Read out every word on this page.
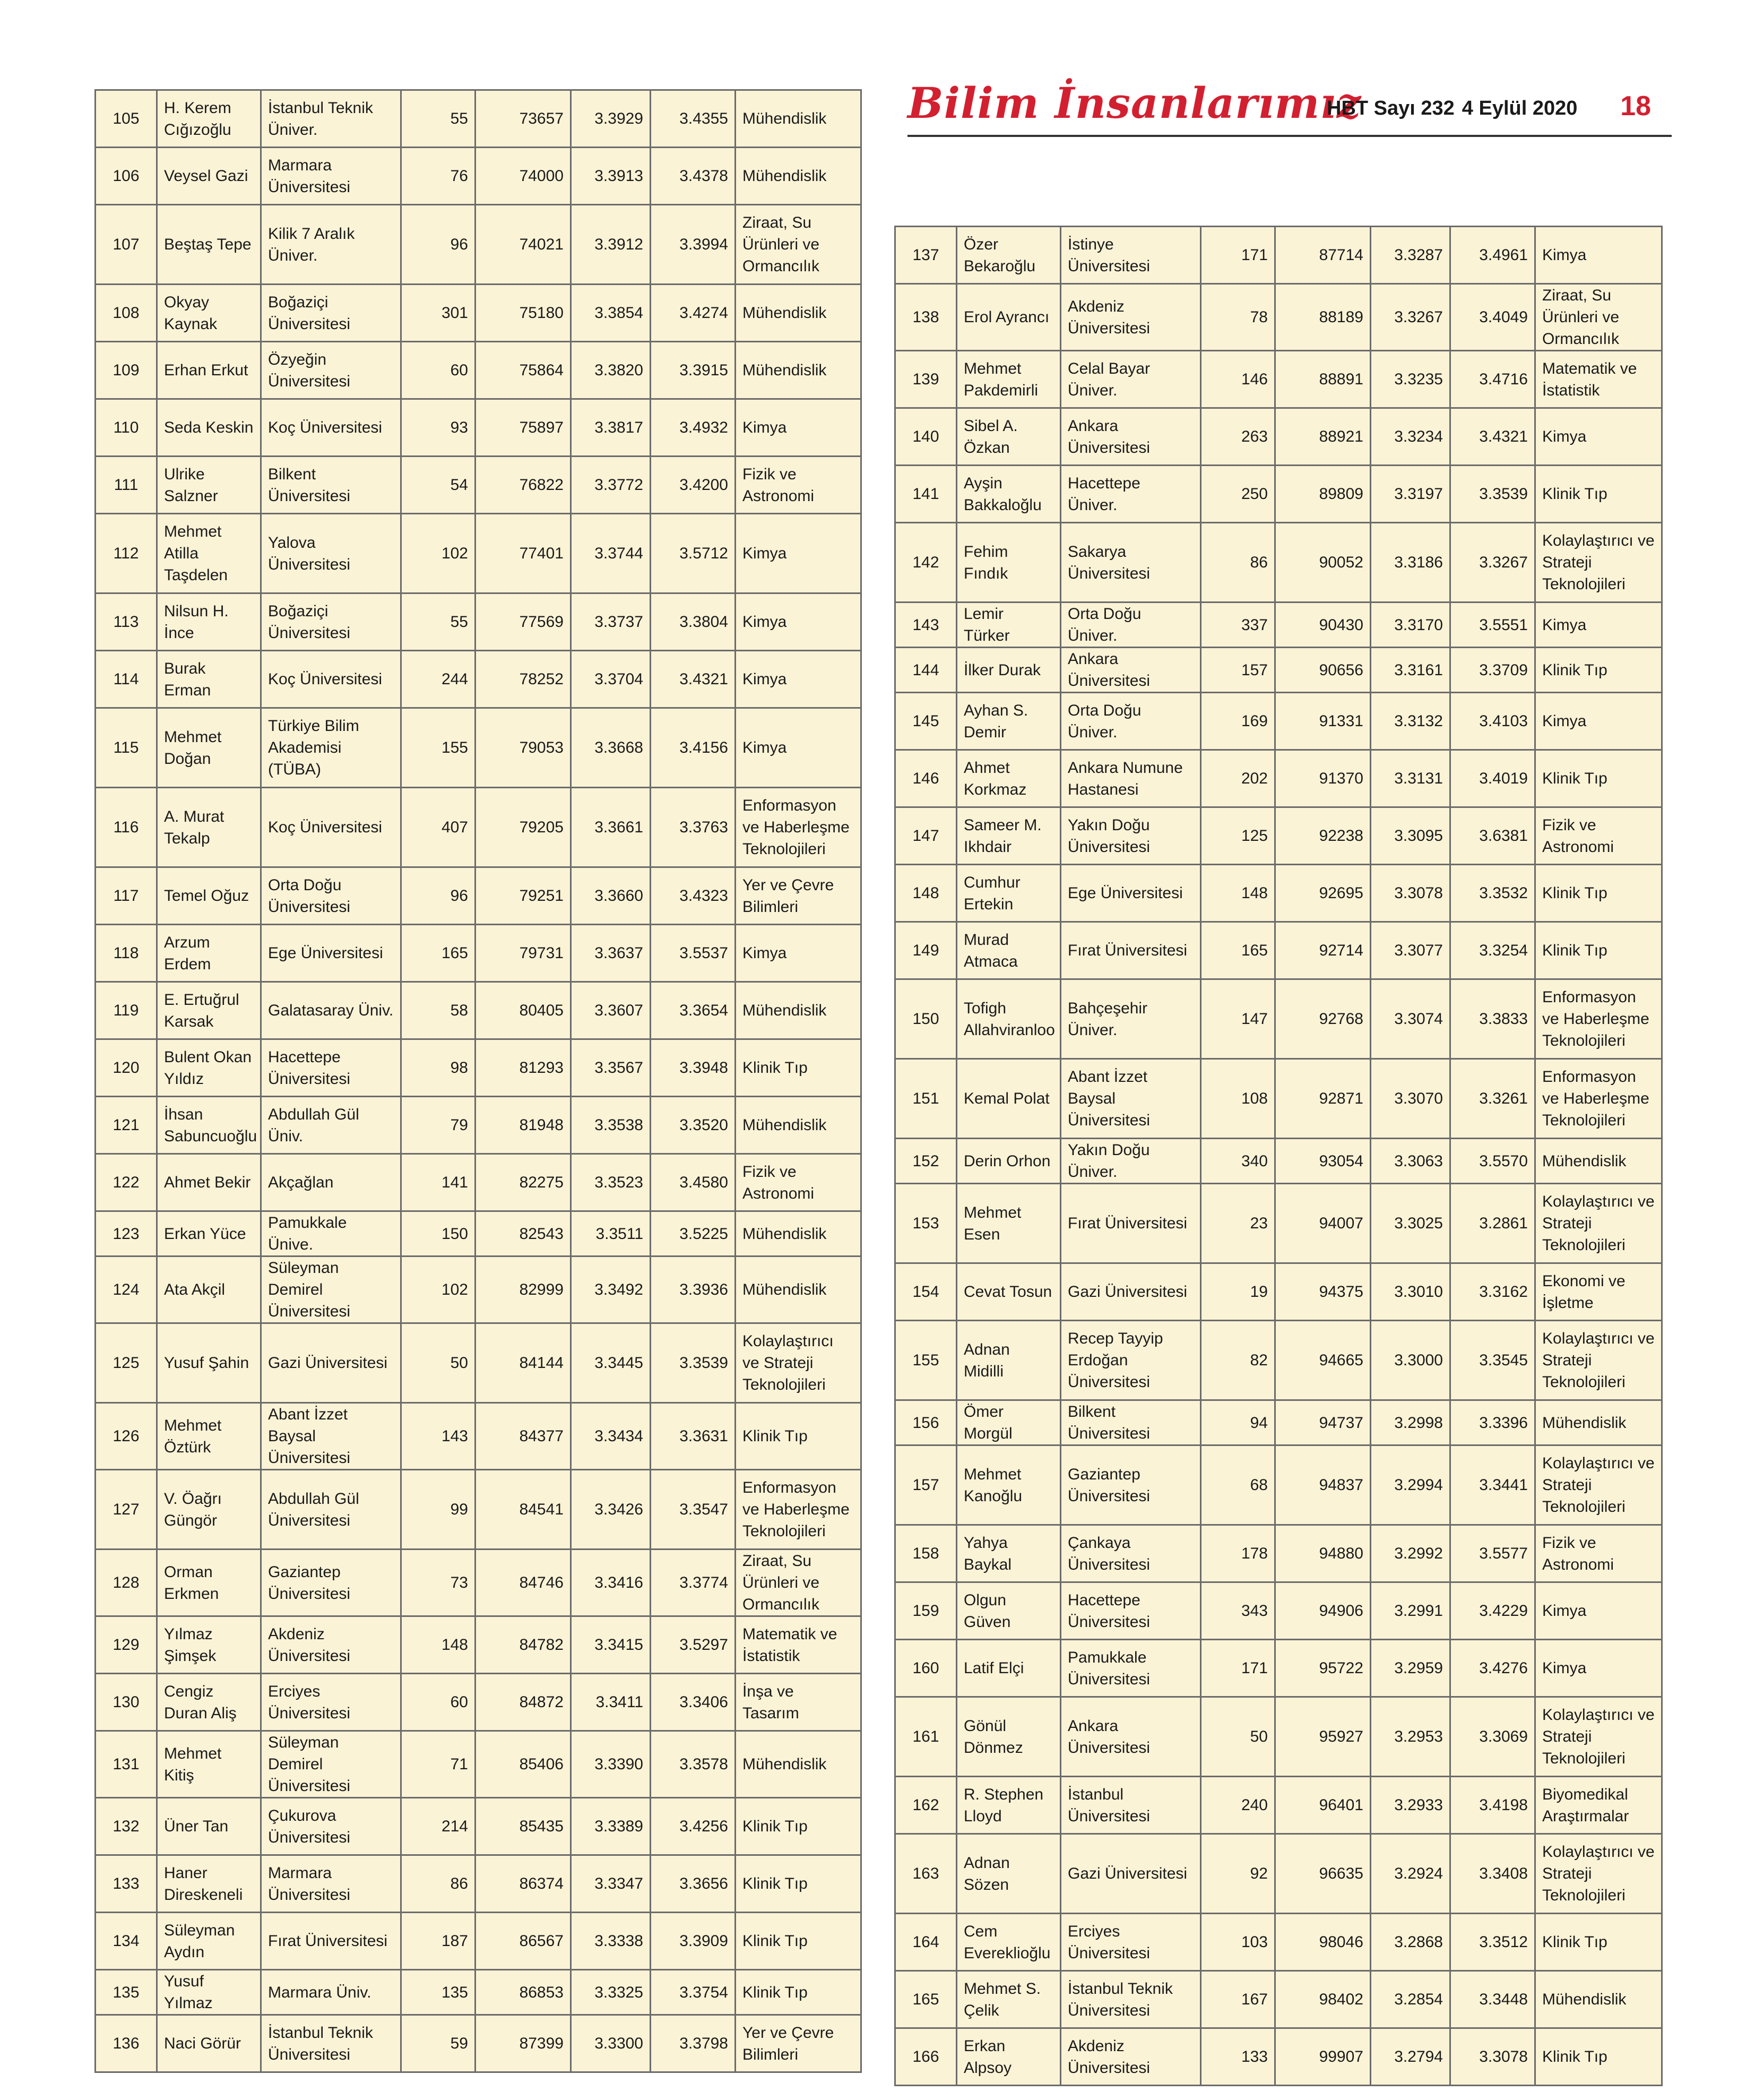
105	H. Kerem Cığızoğlu	İstanbul Teknik Üniver.	55	73657	3.3929	3.4355	Mühendislik
106	Veysel Gazi	Marmara Üniversitesi	76	74000	3.3913	3.4378	Mühendislik
107	Beştaş Tepe	Kilik 7 Aralık Üniver.	96	74021	3.3912	3.3994	Ziraat, Su Ürünleri ve Ormancılık
108	Okyay Kaynak	Boğaziçi Üniversitesi	301	75180	3.3854	3.4274	Mühendislik
109	Erhan Erkut	Özyeğin Üniversitesi	60	75864	3.3820	3.3915	Mühendislik
110	Seda Keskin	Koç Üniversitesi	93	75897	3.3817	3.4932	Kimya
111	Ulrike Salzner	Bilkent Üniversitesi	54	76822	3.3772	3.4200	Fizik ve Astronomi
112	Mehmet Atilla Taşdelen	Yalova Üniversitesi	102	77401	3.3744	3.5712	Kimya
113	Nilsun H. İnce	Boğaziçi Üniversitesi	55	77569	3.3737	3.3804	Kimya
114	Burak Erman	Koç Üniversitesi	244	78252	3.3704	3.4321	Kimya
115	Mehmet Doğan	Türkiye Bilim Akademisi (TÜBA)	155	79053	3.3668	3.4156	Kimya
116	A. Murat Tekalp	Koç Üniversitesi	407	79205	3.3661	3.3763	Enformasyon ve Haberleşme Teknolojileri
117	Temel Oğuz	Orta Doğu Üniversitesi	96	79251	3.3660	3.4323	Yer ve Çevre Bilimleri
118	Arzum Erdem	Ege Üniversitesi	165	79731	3.3637	3.5537	Kimya
119	E. Ertuğrul Karsak	Galatasaray Üniv.	58	80405	3.3607	3.3654	Mühendislik
120	Bulent Okan Yıldız	Hacettepe Üniversitesi	98	81293	3.3567	3.3948	Klinik Tıp
121	İhsan Sabuncuoğlu	Abdullah Gül Üniv.	79	81948	3.3538	3.3520	Mühendislik
122	Ahmet Bekir	Akçağlan	141	82275	3.3523	3.4580	Fizik ve Astronomi
123	Erkan Yüce	Pamukkale Ünive.	150	82543	3.3511	3.5225	Mühendislik
124	Ata Akçil	Süleyman Demirel Üniversitesi	102	82999	3.3492	3.3936	Mühendislik
125	Yusuf Şahin	Gazi Üniversitesi	50	84144	3.3445	3.3539	Kolaylaştırıcı ve Strateji Teknolojileri
126	Mehmet Öztürk	Abant İzzet Baysal Üniversitesi	143	84377	3.3434	3.3631	Klinik Tıp
127	V. Öağrı Güngör	Abdullah Gül Üniversitesi	99	84541	3.3426	3.3547	Enformasyon ve Haberleşme Teknolojileri
128	Orman Erkmen	Gaziantep Üniversitesi	73	84746	3.3416	3.3774	Ziraat, Su Ürünleri ve Ormancılık
129	Yılmaz Şimşek	Akdeniz Üniversitesi	148	84782	3.3415	3.5297	Matematik ve İstatistik
130	Cengiz Duran Aliş	Erciyes Üniversitesi	60	84872	3.3411	3.3406	İnşa ve Tasarım
131	Mehmet Kitiş	Süleyman Demirel Üniversitesi	71	85406	3.3390	3.3578	Mühendislik
132	Üner Tan	Çukurova Üniversitesi	214	85435	3.3389	3.4256	Klinik Tıp
133	Haner Direskeneli	Marmara Üniversitesi	86	86374	3.3347	3.3656	Klinik Tıp
134	Süleyman Aydın	Fırat Üniversitesi	187	86567	3.3338	3.3909	Klinik Tıp
135	Yusuf Yılmaz	Marmara Üniv.	135	86853	3.3325	3.3754	Klinik Tıp
136	Naci Görür	İstanbul Teknik Üniversitesi	59	87399	3.3300	3.3798	Yer ve Çevre Bilimleri
Bilim İnsanlarımız
HBT Sayı 232 4 Eylül 2020 18
137	Özer Bekaroğlu	İstinye Üniversitesi	171	87714	3.3287	3.4961	Kimya
138	Erol Ayrancı	Akdeniz Üniversitesi	78	88189	3.3267	3.4049	Ziraat, Su Ürünleri ve Ormancılık
139	Mehmet Pakdemirli	Celal Bayar Üniver.	146	88891	3.3235	3.4716	Matematik ve İstatistik
140	Sibel A. Özkan	Ankara Üniversitesi	263	88921	3.3234	3.4321	Kimya
141	Ayşin Bakkaloğlu	Hacettepe Üniver.	250	89809	3.3197	3.3539	Klinik Tıp
142	Fehim Fındık	Sakarya Üniversitesi	86	90052	3.3186	3.3267	Kolaylaştırıcı ve Strateji Teknolojileri
143	Lemir Türker	Orta Doğu Üniver.	337	90430	3.3170	3.5551	Kimya
144	İlker Durak	Ankara Üniversitesi	157	90656	3.3161	3.3709	Klinik Tıp
145	Ayhan S. Demir	Orta Doğu Üniver.	169	91331	3.3132	3.4103	Kimya
146	Ahmet Korkmaz	Ankara Numune Hastanesi	202	91370	3.3131	3.4019	Klinik Tıp
147	Sameer M. Ikhdair	Yakın Doğu Üniversitesi	125	92238	3.3095	3.6381	Fizik ve Astronomi
148	Cumhur Ertekin	Ege Üniversitesi	148	92695	3.3078	3.3532	Klinik Tıp
149	Murad Atmaca	Fırat Üniversitesi	165	92714	3.3077	3.3254	Klinik Tıp
150	Tofigh Allahviranloo	Bahçeşehir Üniver.	147	92768	3.3074	3.3833	Enformasyon ve Haberleşme Teknolojileri
151	Kemal Polat	Abant İzzet Baysal Üniversitesi	108	92871	3.3070	3.3261	Enformasyon ve Haberleşme Teknolojileri
152	Derin Orhon	Yakın Doğu Üniver.	340	93054	3.3063	3.5570	Mühendislik
153	Mehmet Esen	Fırat Üniversitesi	23	94007	3.3025	3.2861	Kolaylaştırıcı ve Strateji Teknolojileri
154	Cevat Tosun	Gazi Üniversitesi	19	94375	3.3010	3.3162	Ekonomi ve İşletme
155	Adnan Midilli	Recep Tayyip Erdoğan Üniversitesi	82	94665	3.3000	3.3545	Kolaylaştırıcı ve Strateji Teknolojileri
156	Ömer Morgül	Bilkent Üniversitesi	94	94737	3.2998	3.3396	Mühendislik
157	Mehmet Kanoğlu	Gaziantep Üniversitesi	68	94837	3.2994	3.3441	Kolaylaştırıcı ve Strateji Teknolojileri
158	Yahya Baykal	Çankaya Üniversitesi	178	94880	3.2992	3.5577	Fizik ve Astronomi
159	Olgun Güven	Hacettepe Üniversitesi	343	94906	3.2991	3.4229	Kimya
160	Latif Elçi	Pamukkale Üniversitesi	171	95722	3.2959	3.4276	Kimya
161	Gönül Dönmez	Ankara Üniversitesi	50	95927	3.2953	3.3069	Kolaylaştırıcı ve Strateji Teknolojileri
162	R. Stephen Lloyd	İstanbul Üniversitesi	240	96401	3.2933	3.4198	Biyomedikal Araştırmalar
163	Adnan Sözen	Gazi Üniversitesi	92	96635	3.2924	3.3408	Kolaylaştırıcı ve Strateji Teknolojileri
164	Cem Evereklioğlu	Erciyes Üniversitesi	103	98046	3.2868	3.3512	Klinik Tıp
165	Mehmet S. Çelik	İstanbul Teknik Üniversitesi	167	98402	3.2854	3.3448	Mühendislik
166	Erkan Alpsoy	Akdeniz Üniversitesi	133	99907	3.2794	3.3078	Klinik Tıp
